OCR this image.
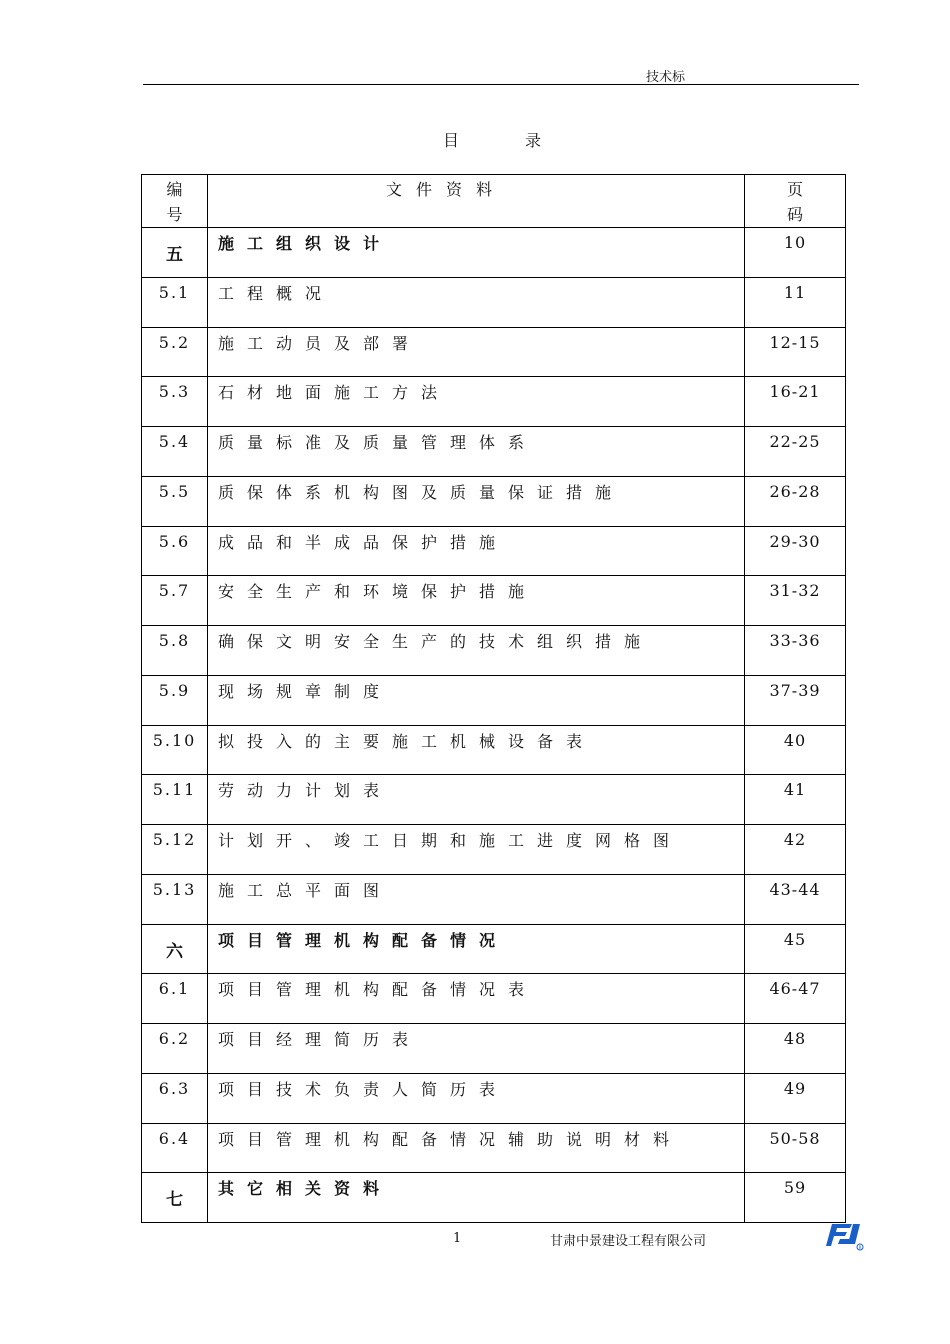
技术标
目	录
编号	文件资料	页码
五	施工组织设计	10
5.1	工程概况	11
5.2	施工动员及部署	12-15
5.3	石材地面施工方法	16-21
5.4	质量标准及质量管理体系	22-25
5.5	质保体系机构图及质量保证措施	26-28
5.6	成品和半成品保护措施	29-30
5.7	安全生产和环境保护措施	31-32
5.8	确保文明安全生产的技术组织措施	33-36
5.9	现场规章制度	37-39
5.10	拟投入的主要施工机械设备表	40
5.11	劳动力计划表	41
5.12	计划开、竣工日期和施工进度网格图	42
5.13	施工总平面图	43-44
六	项目管理机构配备情况	45
6.1	项目管理机构配备情况表	46-47
6.2	项目经理简历表	48
6.3	项目技术负责人简历表	49
6.4	项目管理机构配备情况辅助说明材料	50-58
七	其它相关资料	59
1	甘肃中景建设工程有限公司	R
